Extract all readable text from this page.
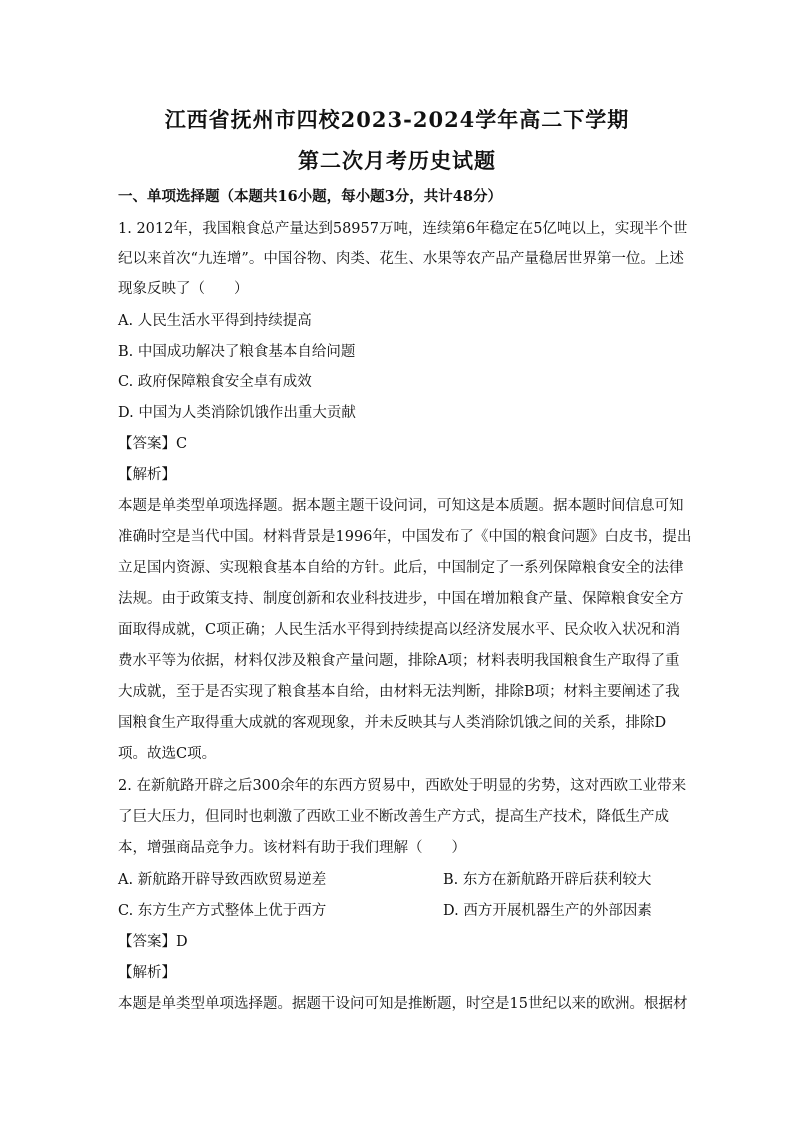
江西省抚州市四校2023-2024学年高二下学期
第二次月考历史试题
一、单项选择题（本题共16小题，每小题3分，共计48分）
1. 2012年，我国粮食总产量达到58957万吨，连续第6年稳定在5亿吨以上，实现半个世
纪以来首次“九连增”。中国谷物、肉类、花生、水果等农产品产量稳居世界第一位。上述
现象反映了（　　）
A. 人民生活水平得到持续提高
B. 中国成功解决了粮食基本自给问题
C. 政府保障粮食安全卓有成效
D. 中国为人类消除饥饿作出重大贡献
【答案】C
【解析】
本题是单类型单项选择题。据本题主题干设问词，可知这是本质题。据本题时间信息可知
准确时空是当代中国。材料背景是1996年，中国发布了《中国的粮食问题》白皮书，提出
立足国内资源、实现粮食基本自给的方针。此后，中国制定了一系列保障粮食安全的法律
法规。由于政策支持、制度创新和农业科技进步，中国在增加粮食产量、保障粮食安全方
面取得成就，C项正确；人民生活水平得到持续提高以经济发展水平、民众收入状况和消
费水平等为依据，材料仅涉及粮食产量问题，排除A项；材料表明我国粮食生产取得了重
大成就，至于是否实现了粮食基本自给，由材料无法判断，排除B项；材料主要阐述了我
国粮食生产取得重大成就的客观现象，并未反映其与人类消除饥饿之间的关系，排除D
项。故选C项。
2. 在新航路开辟之后300余年的东西方贸易中，西欧处于明显的劣势，这对西欧工业带来
了巨大压力，但同时也刺激了西欧工业不断改善生产方式，提高生产技术，降低生产成
本，增强商品竞争力。该材料有助于我们理解（　　）
A. 新航路开辟导致西欧贸易逆差	B. 东方在新航路开辟后获利较大
C. 东方生产方式整体上优于西方	D. 西方开展机器生产的外部因素
【答案】D
【解析】
本题是单类型单项选择题。据题干设问可知是推断题，时空是15世纪以来的欧洲。根据材
